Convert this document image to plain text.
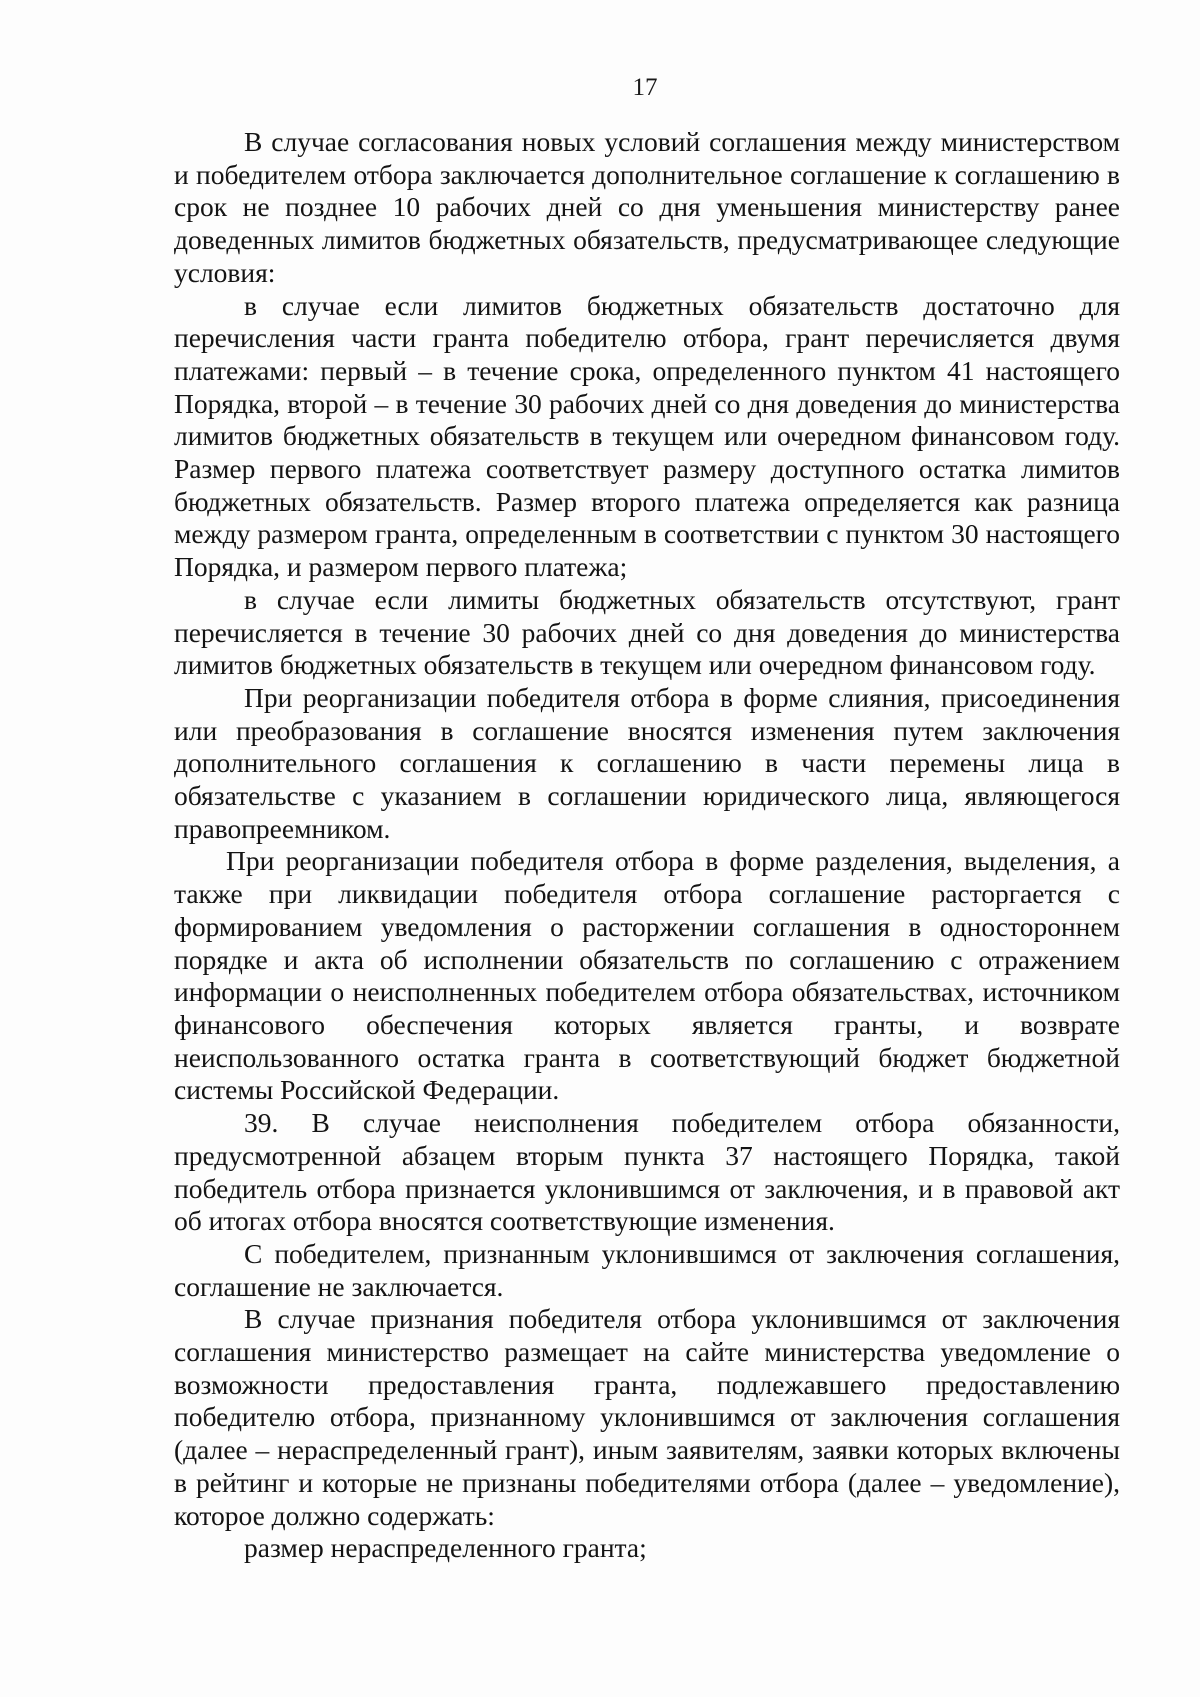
17

В случае согласования новых условий соглашения между министерством и победителем отбора заключается дополнительное соглашение к соглашению в срок не позднее 10 рабочих дней со дня уменьшения министерству ранее доведенных лимитов бюджетных обязательств, предусматривающее следующие условия:

в случае если лимитов бюджетных обязательств достаточно для перечисления части гранта победителю отбора, грант перечисляется двумя платежами: первый – в течение срока, определенного пунктом 41 настоящего Порядка, второй – в течение 30 рабочих дней со дня доведения до министерства лимитов бюджетных обязательств в текущем или очередном финансовом году. Размер первого платежа соответствует размеру доступного остатка лимитов бюджетных обязательств. Размер второго платежа определяется как разница между размером гранта, определенным в соответствии с пунктом 30 настоящего Порядка, и размером первого платежа;

в случае если лимиты бюджетных обязательств отсутствуют, грант перечисляется в течение 30 рабочих дней со дня доведения до министерства лимитов бюджетных обязательств в текущем или очередном финансовом году.

При реорганизации победителя отбора в форме слияния, присоединения или преобразования в соглашение вносятся изменения путем заключения дополнительного соглашения к соглашению в части перемены лица в обязательстве с указанием в соглашении юридического лица, являющегося правопреемником.

При реорганизации победителя отбора в форме разделения, выделения, а также при ликвидации победителя отбора соглашение расторгается с формированием уведомления о расторжении соглашения в одностороннем порядке и акта об исполнении обязательств по соглашению с отражением информации о неисполненных победителем отбора обязательствах, источником финансового обеспечения которых является гранты, и возврате неиспользованного остатка гранта в соответствующий бюджет бюджетной системы Российской Федерации.

39. В случае неисполнения победителем отбора обязанности, предусмотренной абзацем вторым пункта 37 настоящего Порядка, такой победитель отбора признается уклонившимся от заключения, и в правовой акт об итогах отбора вносятся соответствующие изменения.

С победителем, признанным уклонившимся от заключения соглашения, соглашение не заключается.

В случае признания победителя отбора уклонившимся от заключения соглашения министерство размещает на сайте министерства уведомление о возможности предоставления гранта, подлежавшего предоставлению победителю отбора, признанному уклонившимся от заключения соглашения (далее – нераспределенный грант), иным заявителям, заявки которых включены в рейтинг и которые не признаны победителями отбора (далее – уведомление), которое должно содержать:

размер нераспределенного гранта;
